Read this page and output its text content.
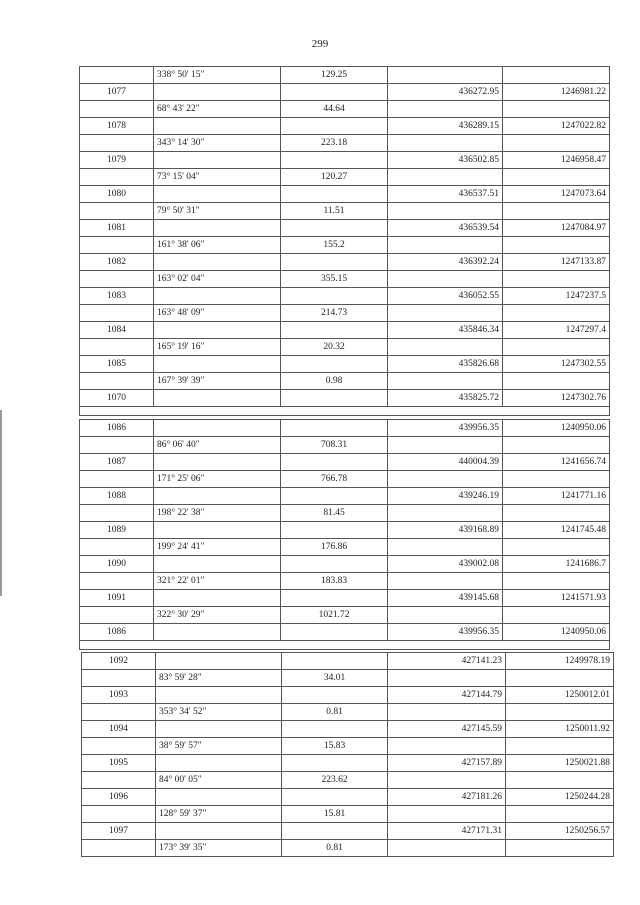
299
	338° 50' 15"	129.25		
1077			436272.95	1246981.22
	68° 43' 22"	44.64		
1078			436289.15	1247022.82
	343° 14' 30"	223.18		
1079			436502.85	1246958.47
	73° 15' 04"	120.27		
1080			436537.51	1247073.64
	79° 50' 31"	11.51		
1081			436539.54	1247084.97
	161° 38' 06"	155.2		
1082			436392.24	1247133.87
	163° 02' 04"	355.15		
1083			436052.55	1247237.5
	163° 48' 09"	214.73		
1084			435846.34	1247297.4
	165° 19' 16"	20.32		
1085			435826.68	1247302.55
	167° 39' 39"	0.98		
1070			435825.72	1247302.76

1086			439956.35	1240950.06
	86° 06' 40"	708.31		
1087			440004.39	1241656.74
	171° 25' 06"	766.78		
1088			439246.19	1241771.16
	198° 22' 38"	81.45		
1089			439168.89	1241745.48
	199° 24' 41"	176.86		
1090			439002.08	1241686.7
	321° 22' 01"	183.83		
1091			439145.68	1241571.93
	322° 30' 29"	1021.72		
1086			439956.35	1240950.06

1092			427141.23	1249978.19
	83° 59' 28"	34.01		
1093			427144.79	1250012.01
	353° 34' 52"	0.81		
1094			427145.59	1250011.92
	38° 59' 57"	15.83		
1095			427157.89	1250021.88
	84° 00' 05"	223.62		
1096			427181.26	1250244.28
	128° 59' 37"	15.81		
1097			427171.31	1250256.57
	173° 39' 35"	0.81		
